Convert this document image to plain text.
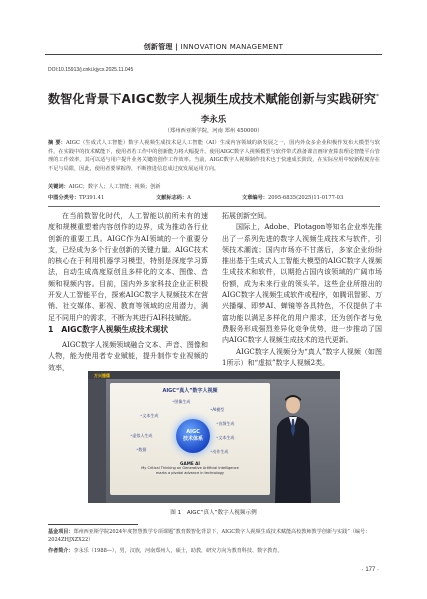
创新管理 | INNOVATION MANAGEMENT
DOI:10.15913/j.cnki.kjycx.2025.11.045
数智化背景下AIGC数字人视频生成技术赋能创新与实践研究*
李永乐
（郑州西亚斯学院，河南 郑州 450000）
摘 要：AIGC（生成式人工智能）数字人视频生成技术是人工智能（AI）生成内容领域的新发展之一，国内外众多企业积极作发布大模型与软件。在实践中的技术赋能下，使用者若工作中的创新能力将大幅提升。使用AIGC数字人视频模型与软件带式准备课音画审查算表理论智能平台管理的工作效率，其可以适与用户提升业务关键的创作工作效率。当前，AIGC数字人视频制作技术也于快速成长阶段，在实际应用中较新程度存在不足与局限，因此，使用者要掌握得，不断推进信息成过度发展运用方向。
关键词：AIGC；数字人；人工智能；视频；创新
中图分类号：TP391.41	文献标志码：A	文章编号：2095-6835(2025)11-0177-03

在当前数智化时代，人工智能以前所未有的速度和规模重塑着内容创作的边界，成为推动各行业创新的重要工具。AIGC作为AI领域的一个重要分支，已经成为多个行业创新的关键力量。AIGC技术的核心在于利用机器学习模型，特别是深度学习算法，自动生成高度原创且多样化的文本、图像、音频和视频内容。目前，国内外多家科技企业正积极开发人工智能平台，探索AIGC数字人视频技术在营销、社交媒体、影视、教育等领域的应用潜力，满足不同用户的需求，不断为其进行AI科技赋能。

1　AIGC数字人视频生成技术现状

AIGC数字人视频领域融合文本、声音、图像和人物，能为使用者专业赋能，提升制作专业视频的效率，

拓展创新空间。

国际上，Adobe、Plotagon等知名企业率先推出了一系列先进的数字人视频生成技术与软件，引领技术潮流；国内市场亦不甘落后，多家企业纷纷推出基于生成式人工智能大模型的AIGC数字人视频生成技术和软件，以期抢占国内该领域的广阔市场份额，成为未来行业的领头羊。这些企业所推出的AIGC数字人视频生成软件或程序，如腾讯智影、万兴播爆、即梦AI、蝉镜等各具特色，不仅提供了丰富功能以满足多样化的用户需求，还为创作者与免费服务形成强烈差异化竞争优势，进一步推动了国内AIGC数字人视频生成技术的迭代更新。

AIGC数字人视频分为“真人”数字人视频（如图1所示）和“虚拟”数字人视频2类。

万兴播爆
AIGC“真人”数字人视频
• 图像生成
• AI模型
• 文本生成
• 音频生成
• 虚拟人生成	• 文本生成
• 数据	• 动作生成
AIGC
技术体系
GAME AI
My Critical Thinking on Generative Artificial Intelligence
marks a pivotal advance in technology
图 1　AIGC“真人”数字人视频示例
基金项目：郑州西亚斯学院2024年度智慧教学专项课题“教育数智化背景下，AIGC数字人视频生成技术赋能高校教师教学创新与实践”（编号：2024ZHJXZX22）
作者简介：李永乐（1988—），男，汉族，河南郑州人，硕士，助教，研究方向为教育科技、数字教育。
· 177 ·
